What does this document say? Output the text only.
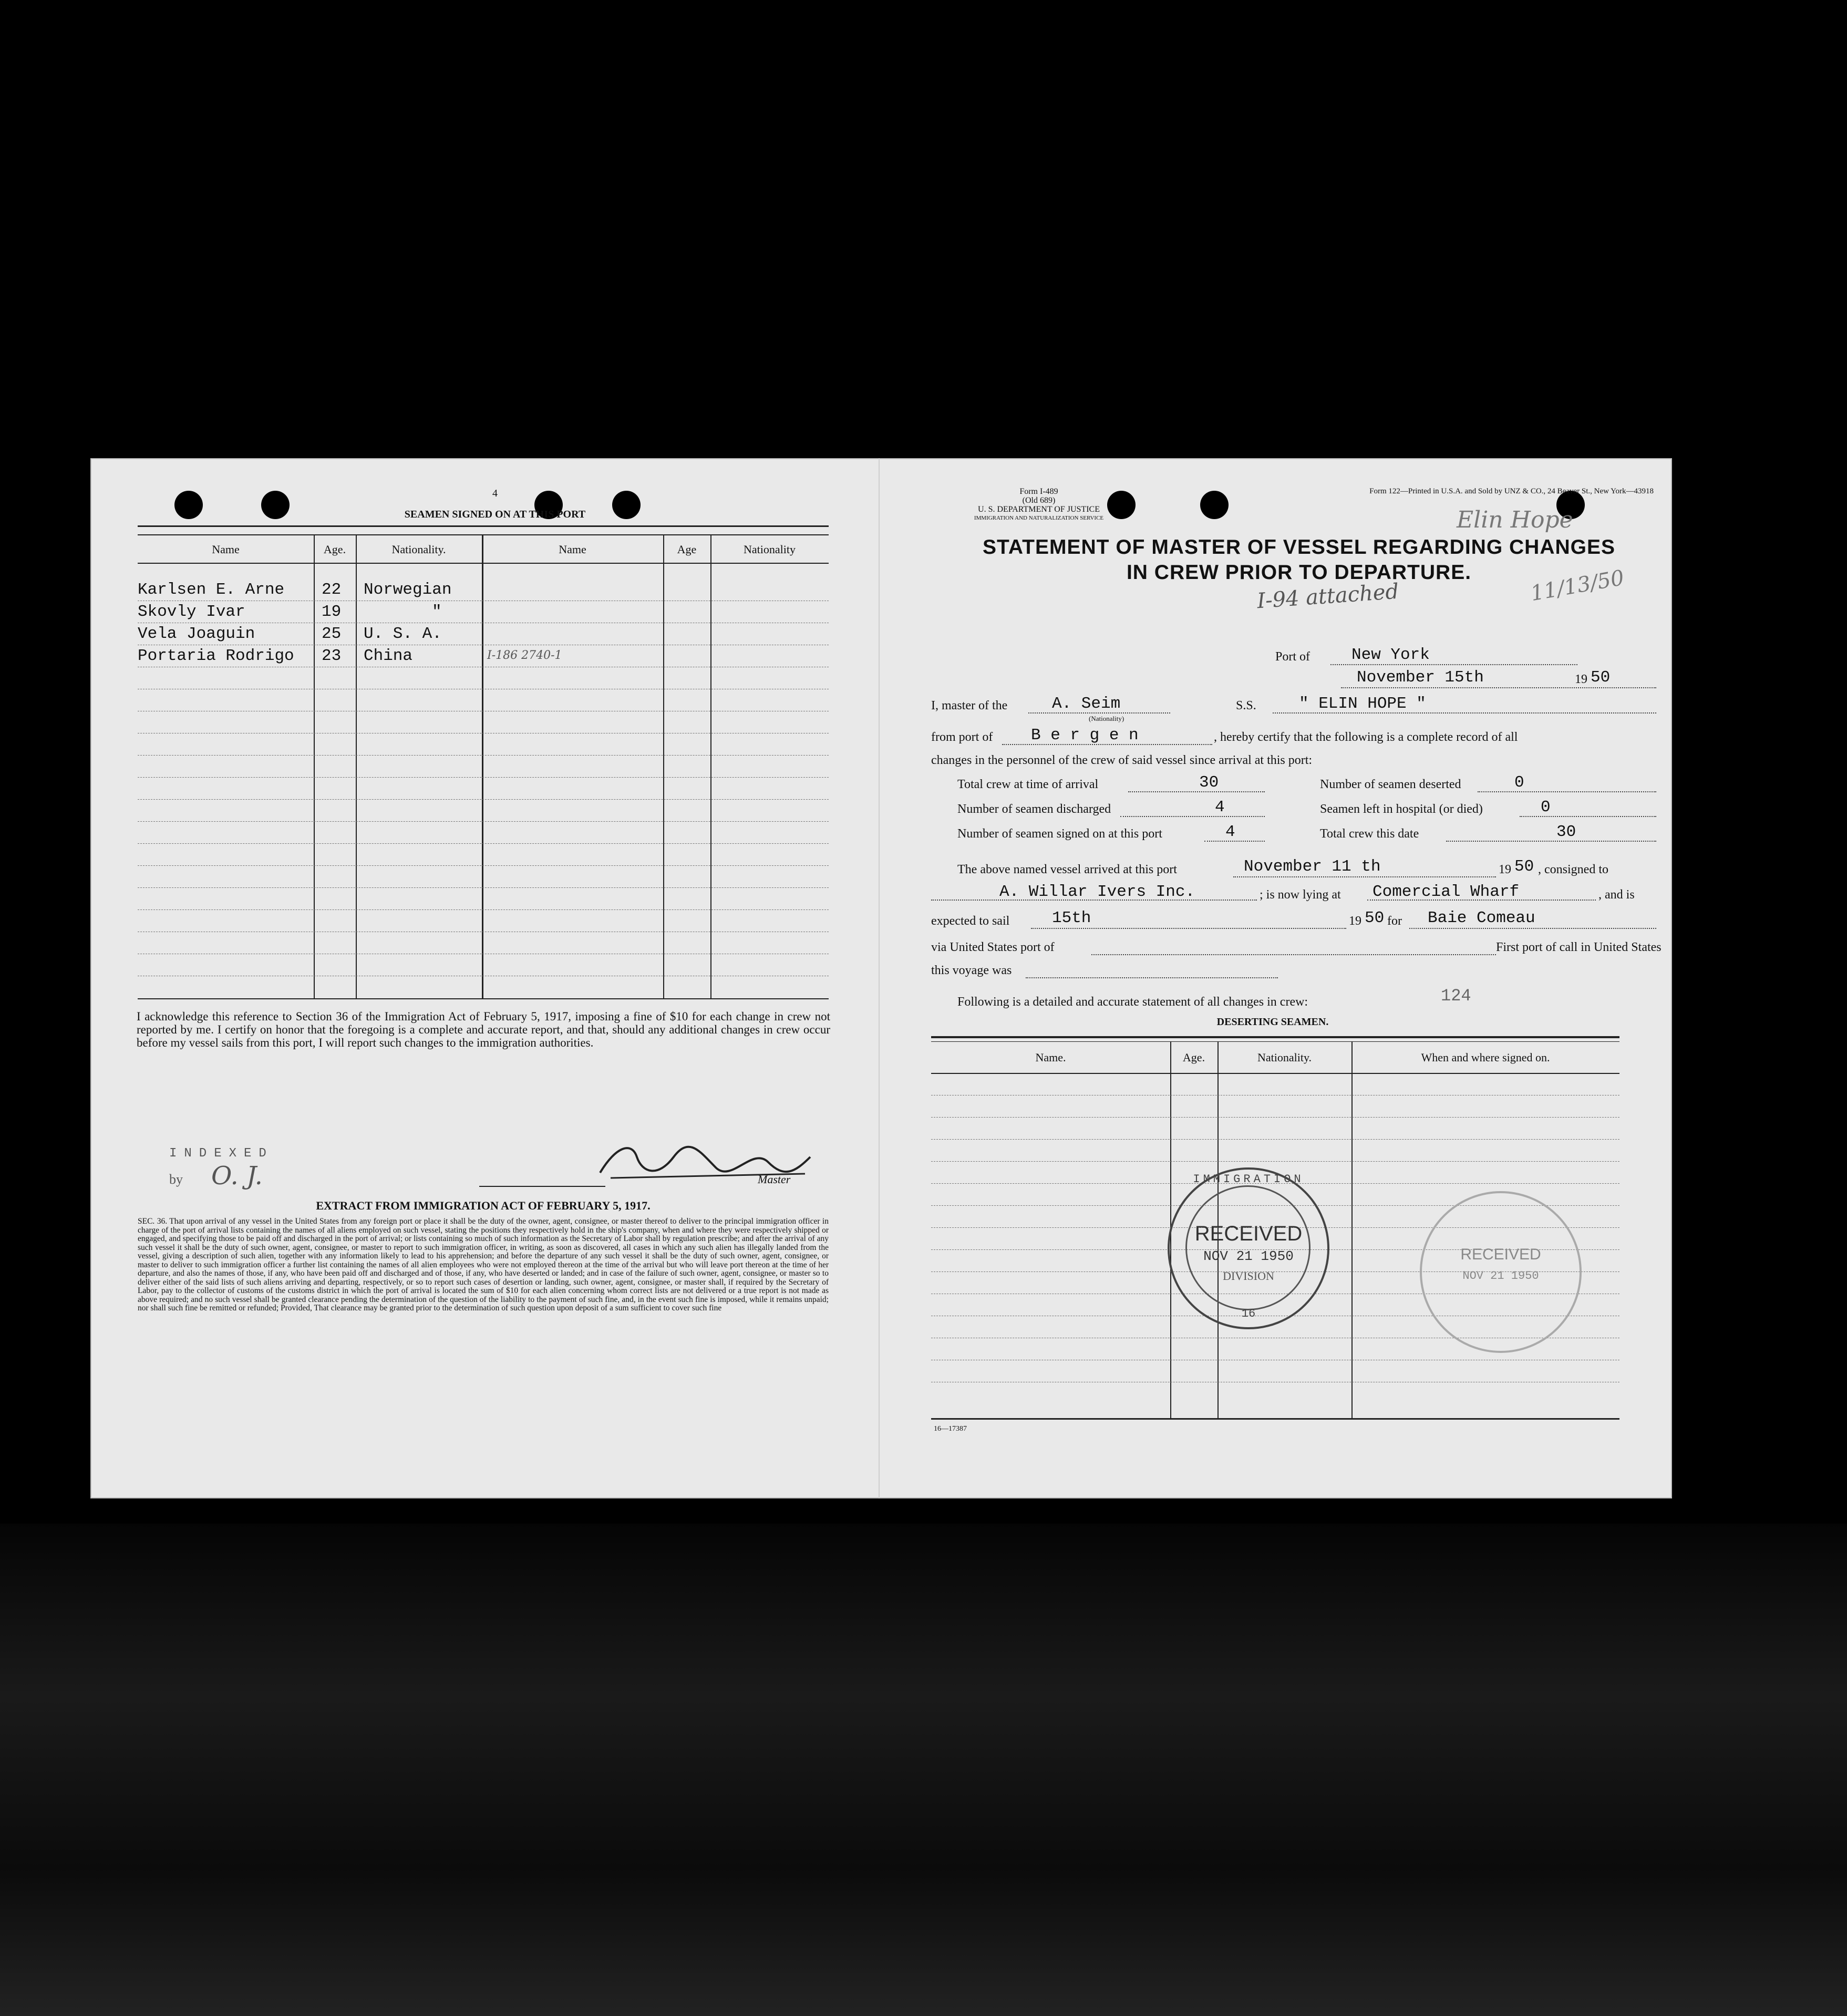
4
SEAMEN SIGNED ON AT THIS PORT
Name	Age.	Nationality.	Name	Age	Nationality
Karlsen E. Arne 22 Norwegian
Skovly Ivar	19	"
Vela Joaguin	25 U. S. A.
Portaria Rodrigo 23 China	I-186 2740-1
I acknowledge this reference to Section 36 of the Immigration Act of February 5, 1917, imposing a fine of $10 for each change in crew not reported by me. I certify on honor that the foregoing is a complete and accurate report, and that, should any additional changes in crew occur before my vessel sails from this port, I will report such changes to the immigration authorities.
INDEXED
by O. J.	Master
EXTRACT FROM IMMIGRATION ACT OF FEBRUARY 5, 1917.
SEC. 36. That upon arrival of any vessel in the United States from any foreign port or place it shall be the duty of the owner, agent, consignee, or master thereof to deliver to the principal immigration officer in charge of the port of arrival lists containing the names of all aliens employed on such vessel, stating the positions they respectively hold in the ship's company, when and where they were respectively shipped or engaged, and specifying those to be paid off and discharged in the port of arrival; or lists containing so much of such information as the Secretary of Labor shall by regulation prescribe; and after the arrival of any such vessel it shall be the duty of such owner, agent, consignee, or master to report to such immigration officer, in writing, as soon as discovered, all cases in which any such alien has illegally landed from the vessel, giving a description of such alien, together with any information likely to lead to his apprehension; and before the departure of any such vessel it shall be the duty of such owner, agent, consignee, or master to deliver to such immigration officer a further list containing the names of all alien employees who were not employed thereon at the time of the arrival but who will leave port thereon at the time of her departure, and also the names of those, if any, who have been paid off and discharged and of those, if any, who have deserted or landed; and in case of the failure of such owner, agent, consignee, or master so to deliver either of the said lists of such aliens arriving and departing, respectively, or so to report such cases of desertion or landing, such owner, agent, consignee, or master shall, if required by the Secretary of Labor, pay to the collector of customs of the customs district in which the port of arrival is located the sum of $10 for each alien concerning whom correct lists are not delivered or a true report is not made as above required; and no such vessel shall be granted clearance pending the determination of the question of the liability to the payment of such fine, and, in the event such fine is imposed, while it remains unpaid; nor shall such fine be remitted or refunded; Provided, That clearance may be granted prior to the determination of such question upon deposit of a sum sufficient to cover such fine
Form I-489
(Old 689)
U. S. DEPARTMENT OF JUSTICE
IMMIGRATION AND NATURALIZATION SERVICE
Form 122—Printed in U.S.A. and Sold by UNZ & CO., 24 Beaver St., New York—43918
Elin Hope
11/13/50
STATEMENT OF MASTER OF VESSEL REGARDING CHANGES
IN CREW PRIOR TO DEPARTURE.
I-94 attached
Port of	New York
November 15th	19 50
I, master of the	A. Seim
(Nationality)
S.S.	" ELIN HOPE "
from port of B e r g e n	, hereby certify that the following is a complete record of all
changes in the personnel of the crew of said vessel since arrival at this port:
Total crew at time of arrival	30	Number of seamen deserted	0
Number of seamen discharged	4	Seamen left in hospital (or died)	0
Number of seamen signed on at this port	4	Total crew this date	30
The above named vessel arrived at this port	November 11 th	19 50 , consigned to
A. Willar Ivers Inc.	; is now lying at Comercial Wharf	, and is
expected to sail	15th	19 50 for Baie Comeau
via United States port of	First port of call in United States
this voyage was
Following is a detailed and accurate statement of all changes in crew:	124
DESERTING SEAMEN.
Name.	Age.	Nationality.	When and where signed on.
IMMIGRATION
RECEIVED
NOV 21 1950
DIVISION
16
RECEIVED
NOV 21 1950
16—17387
